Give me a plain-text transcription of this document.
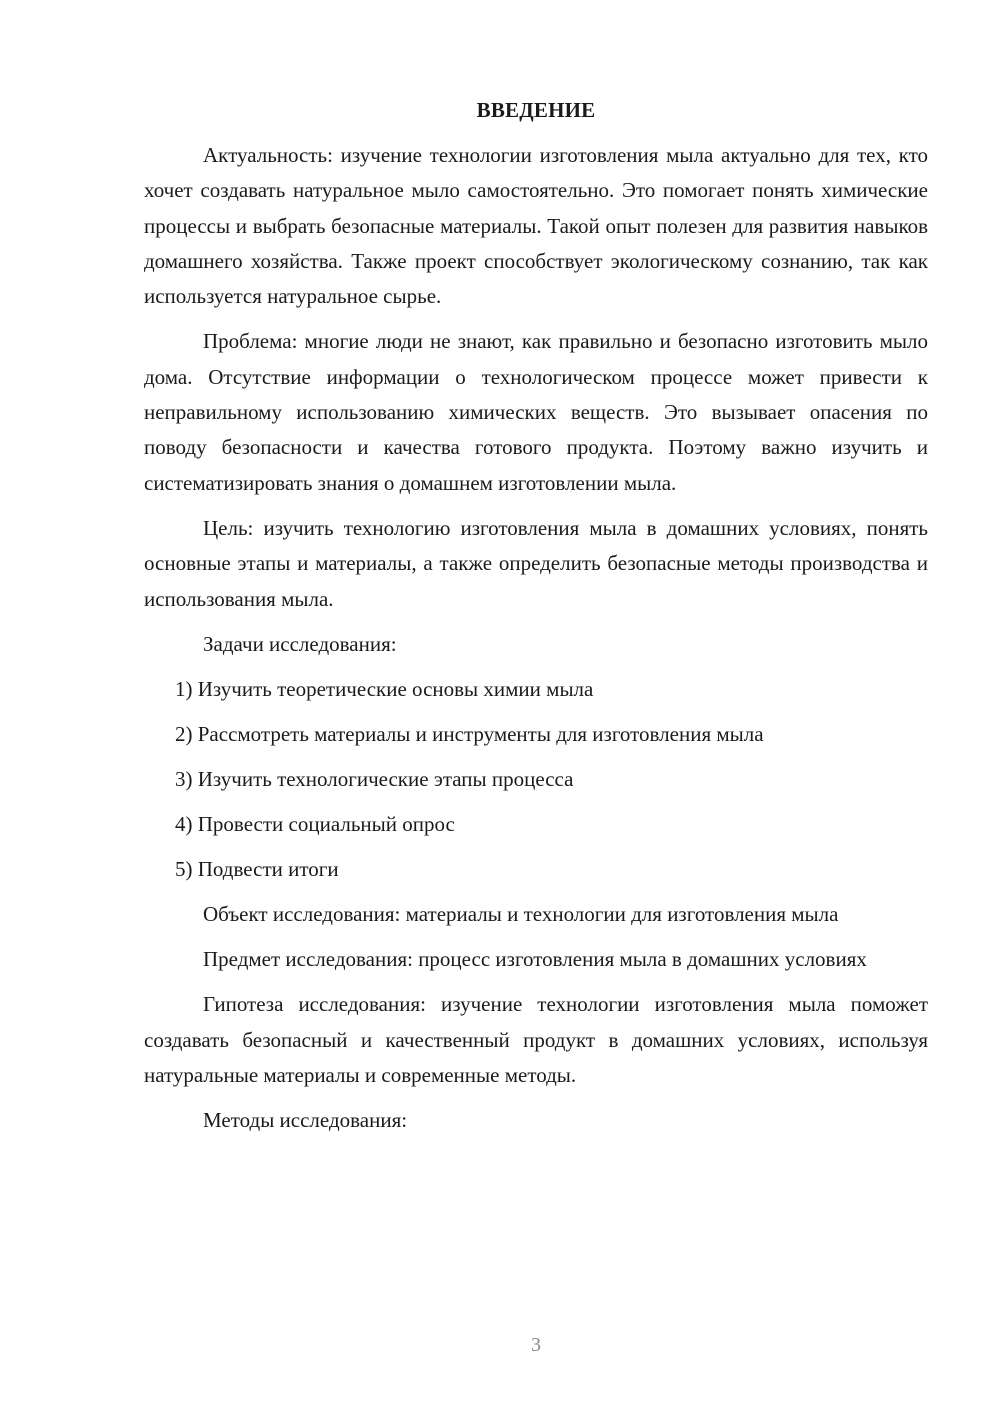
ВВЕДЕНИЕ

Актуальность: изучение технологии изготовления мыла актуально для тех, кто хочет создавать натуральное мыло самостоятельно. Это помогает понять химические процессы и выбрать безопасные материалы. Такой опыт полезен для развития навыков домашнего хозяйства. Также проект способствует экологическому сознанию, так как используется натуральное сырье.

Проблема: многие люди не знают, как правильно и безопасно изготовить мыло дома. Отсутствие информации о технологическом процессе может привести к неправильному использованию химических веществ. Это вызывает опасения по поводу безопасности и качества готового продукта. Поэтому важно изучить и систематизировать знания о домашнем изготовлении мыла.

Цель: изучить технологию изготовления мыла в домашних условиях, понять основные этапы и материалы, а также определить безопасные методы производства и использования мыла.

Задачи исследования:

1) Изучить теоретические основы химии мыла
2) Рассмотреть материалы и инструменты для изготовления мыла
3) Изучить технологические этапы процесса
4) Провести социальный опрос
5) Подвести итоги

Объект исследования: материалы и технологии для изготовления мыла

Предмет исследования: процесс изготовления мыла в домашних условиях

Гипотеза исследования: изучение технологии изготовления мыла поможет создавать безопасный и качественный продукт в домашних условиях, используя натуральные материалы и современные методы.

Методы исследования:

3
